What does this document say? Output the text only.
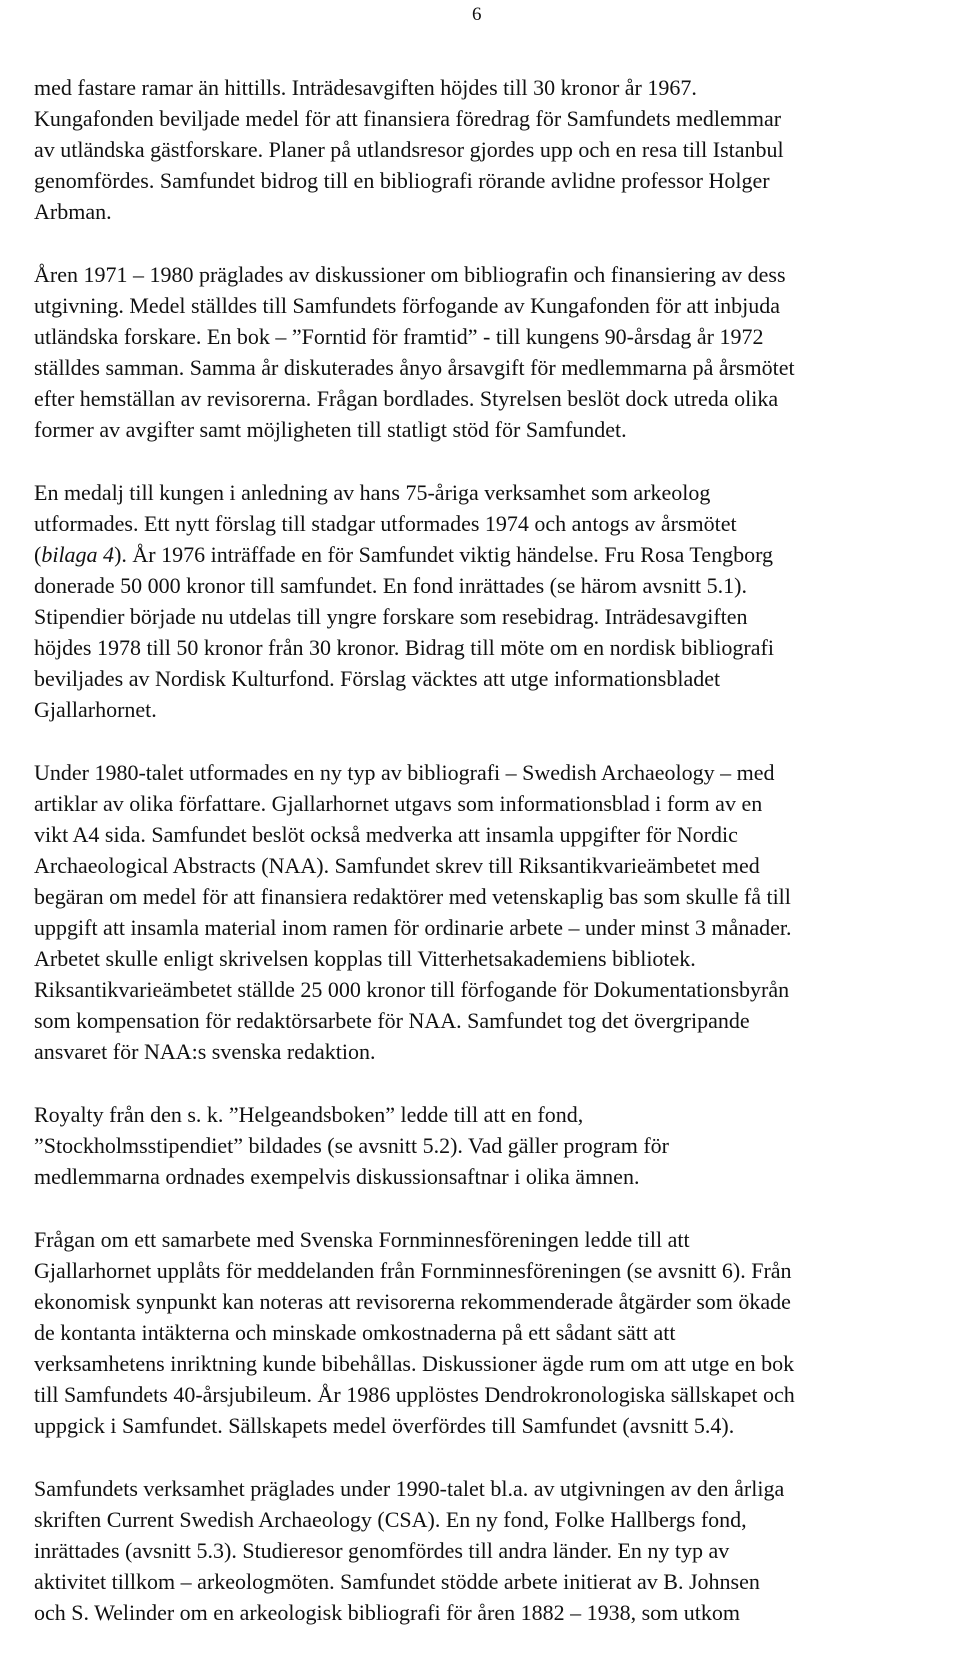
6

med fastare ramar än hittills. Inträdesavgiften höjdes till 30 kronor år 1967.
Kungafonden beviljade medel för att finansiera föredrag för Samfundets medlemmar
av utländska gästforskare. Planer på utlandsresor gjordes upp och en resa till Istanbul
genomfördes. Samfundet bidrog till en bibliografi rörande avlidne professor Holger
Arbman.

Åren 1971 – 1980 präglades av diskussioner om bibliografin och finansiering av dess
utgivning. Medel ställdes till Samfundets förfogande av Kungafonden för att inbjuda
utländska forskare. En bok – ”Forntid för framtid” - till kungens 90-årsdag år 1972
ställdes samman. Samma år diskuterades ånyo årsavgift för medlemmarna på årsmötet
efter hemställan av revisorerna. Frågan bordlades. Styrelsen beslöt dock utreda olika
former av avgifter samt möjligheten till statligt stöd för Samfundet.

En medalj till kungen i anledning av hans 75-åriga verksamhet som arkeolog
utformades. Ett nytt förslag till stadgar utformades 1974 och antogs av årsmötet
(bilaga 4). År 1976 inträffade en för Samfundet viktig händelse. Fru Rosa Tengborg
donerade 50 000 kronor till samfundet. En fond inrättades (se härom avsnitt 5.1).
Stipendier började nu utdelas till yngre forskare som resebidrag. Inträdesavgiften
höjdes 1978 till 50 kronor från 30 kronor. Bidrag till möte om en nordisk bibliografi
beviljades av Nordisk Kulturfond. Förslag väcktes att utge informationsbladet
Gjallarhornet.

Under 1980-talet utformades en ny typ av bibliografi – Swedish Archaeology – med
artiklar av olika författare. Gjallarhornet utgavs som informationsblad i form av en
vikt A4 sida. Samfundet beslöt också medverka att insamla uppgifter för Nordic
Archaeological Abstracts (NAA). Samfundet skrev till Riksantikvarieämbetet med
begäran om medel för att finansiera redaktörer med vetenskaplig bas som skulle få till
uppgift att insamla material inom ramen för ordinarie arbete – under minst 3 månader.
Arbetet skulle enligt skrivelsen kopplas till Vitterhetsakademiens bibliotek.
Riksantikvarieämbetet ställde 25 000 kronor till förfogande för Dokumentationsbyrån
som kompensation för redaktörsarbete för NAA. Samfundet tog det övergripande
ansvaret för NAA:s svenska redaktion.

Royalty från den s. k. ”Helgeandsboken” ledde till att en fond,
”Stockholmsstipendiet” bildades (se avsnitt 5.2). Vad gäller program för
medlemmarna ordnades exempelvis diskussionsaftnar i olika ämnen.

Frågan om ett samarbete med Svenska Fornminnesföreningen ledde till att
Gjallarhornet upplåts för meddelanden från Fornminnesföreningen (se avsnitt 6). Från
ekonomisk synpunkt kan noteras att revisorerna rekommenderade åtgärder som ökade
de kontanta intäkterna och minskade omkostnaderna på ett sådant sätt att
verksamhetens inriktning kunde bibehållas. Diskussioner ägde rum om att utge en bok
till Samfundets 40-årsjubileum. År 1986 upplöstes Dendrokronologiska sällskapet och
uppgick i Samfundet. Sällskapets medel överfördes till Samfundet (avsnitt 5.4).

Samfundets verksamhet präglades under 1990-talet bl.a. av utgivningen av den årliga
skriften Current Swedish Archaeology (CSA). En ny fond, Folke Hallbergs fond,
inrättades (avsnitt 5.3). Studieresor genomfördes till andra länder. En ny typ av
aktivitet tillkom – arkeologmöten. Samfundet stödde arbete initierat av B. Johnsen
och S. Welinder om en arkeologisk bibliografi för åren 1882 – 1938, som utkom
